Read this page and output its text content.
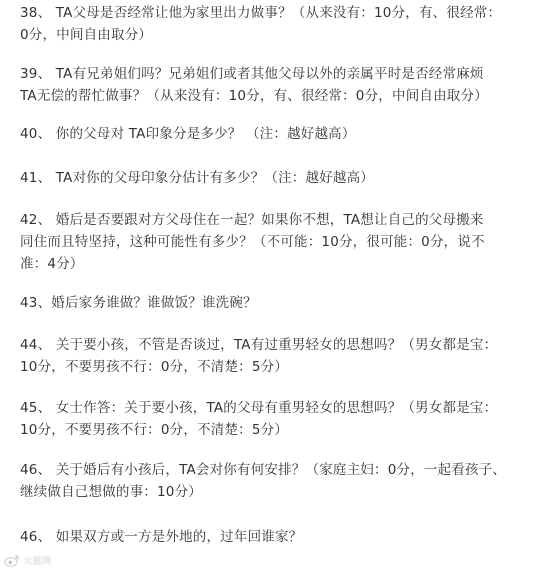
38、 TA父母是否经常让他为家里出力做事？（从来没有：10分，有、很经常：
0分，中间自由取分）
39、 TA有兄弟姐们吗？兄弟姐们或者其他父母以外的亲属平时是否经常麻烦
TA无偿的帮忙做事？（从来没有：10分，有、很经常：0分，中间自由取分）
40、 你的父母对 TA印象分是多少？ （注：越好越高）
41、 TA对你的父母印象分估计有多少？（注：越好越高）
42、 婚后是否要跟对方父母住在一起？如果你不想，TA想让自己的父母搬来
同住而且特坚持，这种可能性有多少？（不可能：10分，很可能：0分，说不
准：4分）
43、婚后家务谁做？谁做饭？谁洗碗？
44、 关于要小孩，不管是否谈过，TA有过重男轻女的思想吗？（男女都是宝：
10分，不要男孩不行：0分，不清楚：5分）
45、 女士作答：关于要小孩，TA的父母有重男轻女的思想吗？（男女都是宝：
10分，不要男孩不行：0分，不清楚：5分）
46、 关于婚后有小孩后，TA会对你有何安排？（家庭主妇：0分，一起看孩子、
继续做自己想做的事：10分）
46、 如果双方或一方是外地的，过年回谁家？
大图网
